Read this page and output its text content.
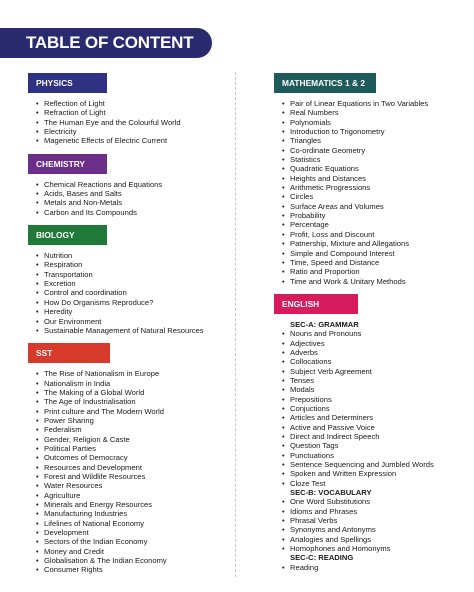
TABLE OF CONTENT
PHYSICS
• Reflection of Light
• Refraction of Light
• The Human Eye and the Colourful World
• Electricity
• Magenetic Effects of Electric Current
CHEMISTRY
• Chemical Reactions and Equations
• Acids, Bases and Salts
• Metals and Non-Metals
• Carbon and Its Compounds
BIOLOGY
• Nutrition
• Respiration
• Transportation
• Excretion
• Control and coordination
• How Do Organisms Reproduce?
• Heredity
• Our Environment
• Sustainable Management of Natural Resources
SST
• The Rise of Nationalism in Europe
• Nationalism in India
• The Making of a Global World
• The Age of Industrialisation
• Print culture and The Modern World
• Power Sharing
• Federalism
• Gender, Religion & Caste
• Political Parties
• Outcomes of Democracy
• Resources and Development
• Forest and Wildlife Resources
• Water Resources
• Agriculture
• Minerals and Energy Resources
• Manufacturing Industries
• Lifelines of National Economy
• Development
• Sectors of the Indian Economy
• Money and Credit
• Globalisation & The Indian Economy
• Consumer Rights
MATHEMATICS 1 & 2
• Pair of Linear Equations in Two Variables
• Real Numbers
• Polynomials
• Introduction to Trigonometry
• Triangles
• Co-ordinate Geometry
• Statistics
• Quadratic Equations
• Heights and Distances
• Arithmetic Progressions
• Circles
• Surface Areas and Volumes
• Probability
• Percentage
• Profit, Loss and Discount
• Patnership, Mixture and Allegations
• Simple and Compound Interest
• Time, Speed and Distance
• Ratio and Proportion
• Time and Work & Unitary Methods
ENGLISH
SEC-A: GRAMMAR
• Nouns and Pronouns
• Adjectives
• Adverbs
• Collocations
• Subject Verb Agreement
• Tenses
• Modals
• Prepositions
• Conjuctions
• Articles and Determiners
• Active and Passive Voice
• Direct and Indirect Speech
• Question Tags
• Punctuations
• Sentence Sequencing and Jumbled Words
• Spoken and Written Expression
• Cloze Test
SEC-B: VOCABULARY
• One Word Substitutions
• Idioms and Phrases
• Phrasal Verbs
• Synonyms and Antonyms
• Analogies and Spellings
• Homophones and Homonyms
SEC-C: READING
• Reading
